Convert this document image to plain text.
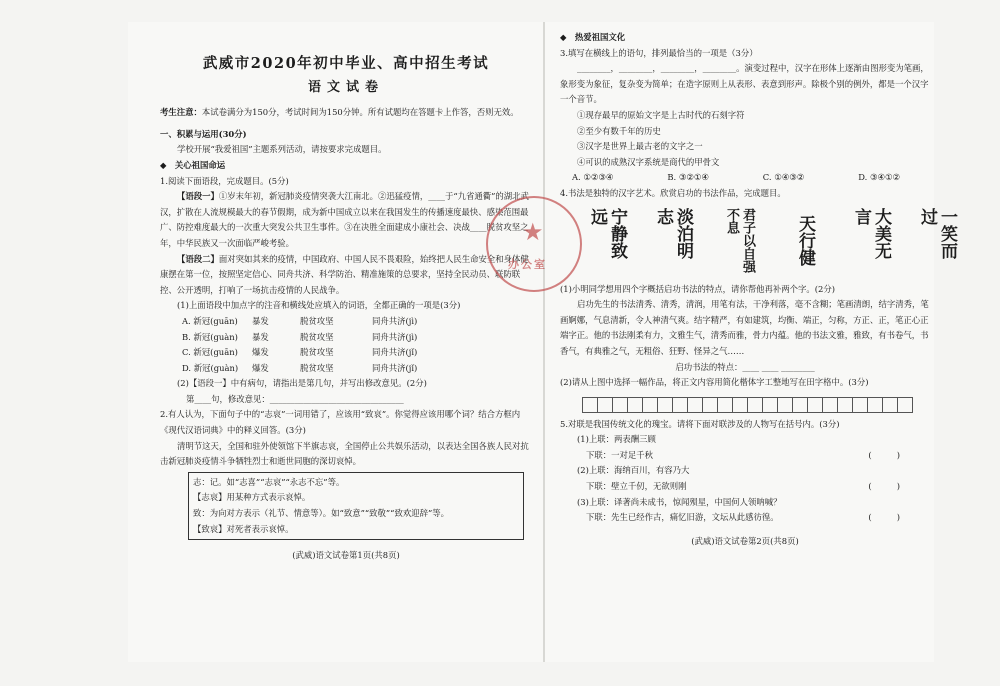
武威市2020年初中毕业、高中招生考试
语文试卷
考生注意：本试卷满分为150分，考试时间为150分钟。所有试题均在答题卡上作答，否则无效。
一、积累与运用(30分)
学校开展“我爱祖国”主题系列活动，请按要求完成题目。
◆　关心祖国命运
1.阅读下面语段，完成题目。(5分)
【语段一】①岁末年初，新冠肺炎疫情突袭大江南北。②迅猛疫情，____于“九省通衢”的湖北武汉，扩散在人流规模最大的春节假期，成为新中国成立以来在我国发生的传播速度最快、感染范围最广、防控难度最大的一次重大突发公共卫生事件。③在决胜全面建成小康社会、决战____脱贫攻坚之年，中华民族又一次面临严峻考验。
【语段二】面对突如其来的疫情，中国政府、中国人民不畏艰险，始终把人民生命安全和身体健康摆在第一位，按照坚定信心、同舟共济、科学防治、精准施策的总要求，坚持全民动员、联防联控、公开透明，打响了一场抗击疫情的人民战争。
(1)上面语段中加点字的注音和横线处应填入的词语，全都正确的一项是(3分)
A. 新冠(guān)	暴发	脱贫攻坚	同舟共济(jì)
B. 新冠(guàn)	暴发	脱贫攻坚	同舟共济(jì)
C. 新冠(guān)	爆发	脱贫攻坚	同舟共济(jǐ)
D. 新冠(guàn)	爆发	脱贫攻坚	同舟共济(jǐ)
(2)【语段一】中有病句，请指出是第几句，并写出修改意见。(2分)
第____句，修改意见：________________________________
2.有人认为，下面句子中的“志哀”一词用错了，应该用“致哀”。你觉得应该用哪个词？结合方框内《现代汉语词典》中的释义回答。(3分)
清明节这天，全国和驻外使领馆下半旗志哀，全国停止公共娱乐活动，以表达全国各族人民对抗击新冠肺炎疫情斗争牺牲烈士和逝世同胞的深切哀悼。
志：记。如“志喜”“志哀”“永志不忘”等。
【志哀】用某种方式表示哀悼。
致：为向对方表示（礼节、情意等）。如“致意”“致敬”“致欢迎辞”等。
【致哀】对死者表示哀悼。
(武威)语文试卷第1页(共8页)
◆　热爱祖国文化
3.填写在横线上的语句，排列最恰当的一项是（3分）
________，________，________，________。演变过程中，汉字在形体上逐渐由图形变为笔画，象形变为象征，复杂变为简单；在造字原则上从表形、表意到形声。除极个别的例外，都是一个汉字一个音节。
①现存最早的原始文字是上古时代的石刻字符
②至少有数千年的历史
③汉字是世界上最古老的文字之一
④可识的成熟汉字系统是商代的甲骨文
A. ①②③④	B. ③②①④	C. ①④③②	D. ③④①②
4.书法是独特的汉字艺术。欣赏启功的书法作品，完成题目。
宁静致远	淡泊明志	君子以自强不息	天行健	大美无言	一笑而过
(1)小明同学想用四个字概括启功书法的特点，请你帮他再补两个字。(2分)
启功先生的书法清秀、清秀，清润，用笔有法，干净利落，毫不含糊；笔画清朗，结字清秀，笔画婀娜，气息清新，令人神清气爽。结字精严，有如建筑，均衡、端正，匀称，方正、正，笔正心正端字正。他的书法刚柔有力，文雅生气，清秀而雅，骨力内蕴。他的书法文雅，雅致，有书卷气，书香气，有典雅之气，无粗俗、狂野、怪异之气……
启功书法的特点：____ ____ ________
(2)请从上图中选择一幅作品，将正文内容用简化楷体字工整地写在田字格中。(3分)
5.对联是我国传统文化的瑰宝。请将下面对联涉及的人物写在括号内。(3分)
(1)上联：两表酬三顾
下联：一对足千秋	(　　　)
(2)上联：海纳百川，有容乃大
下联：壁立千仞，无欲则刚	(　　　)
(3)上联：译著尚未成书，惊闻殒星，中国何人领呐喊？
下联：先生已经作古，痛忆旧游，文坛从此感彷徨。	(　　　)
(武威)语文试卷第2页(共8页)
★
办公室
